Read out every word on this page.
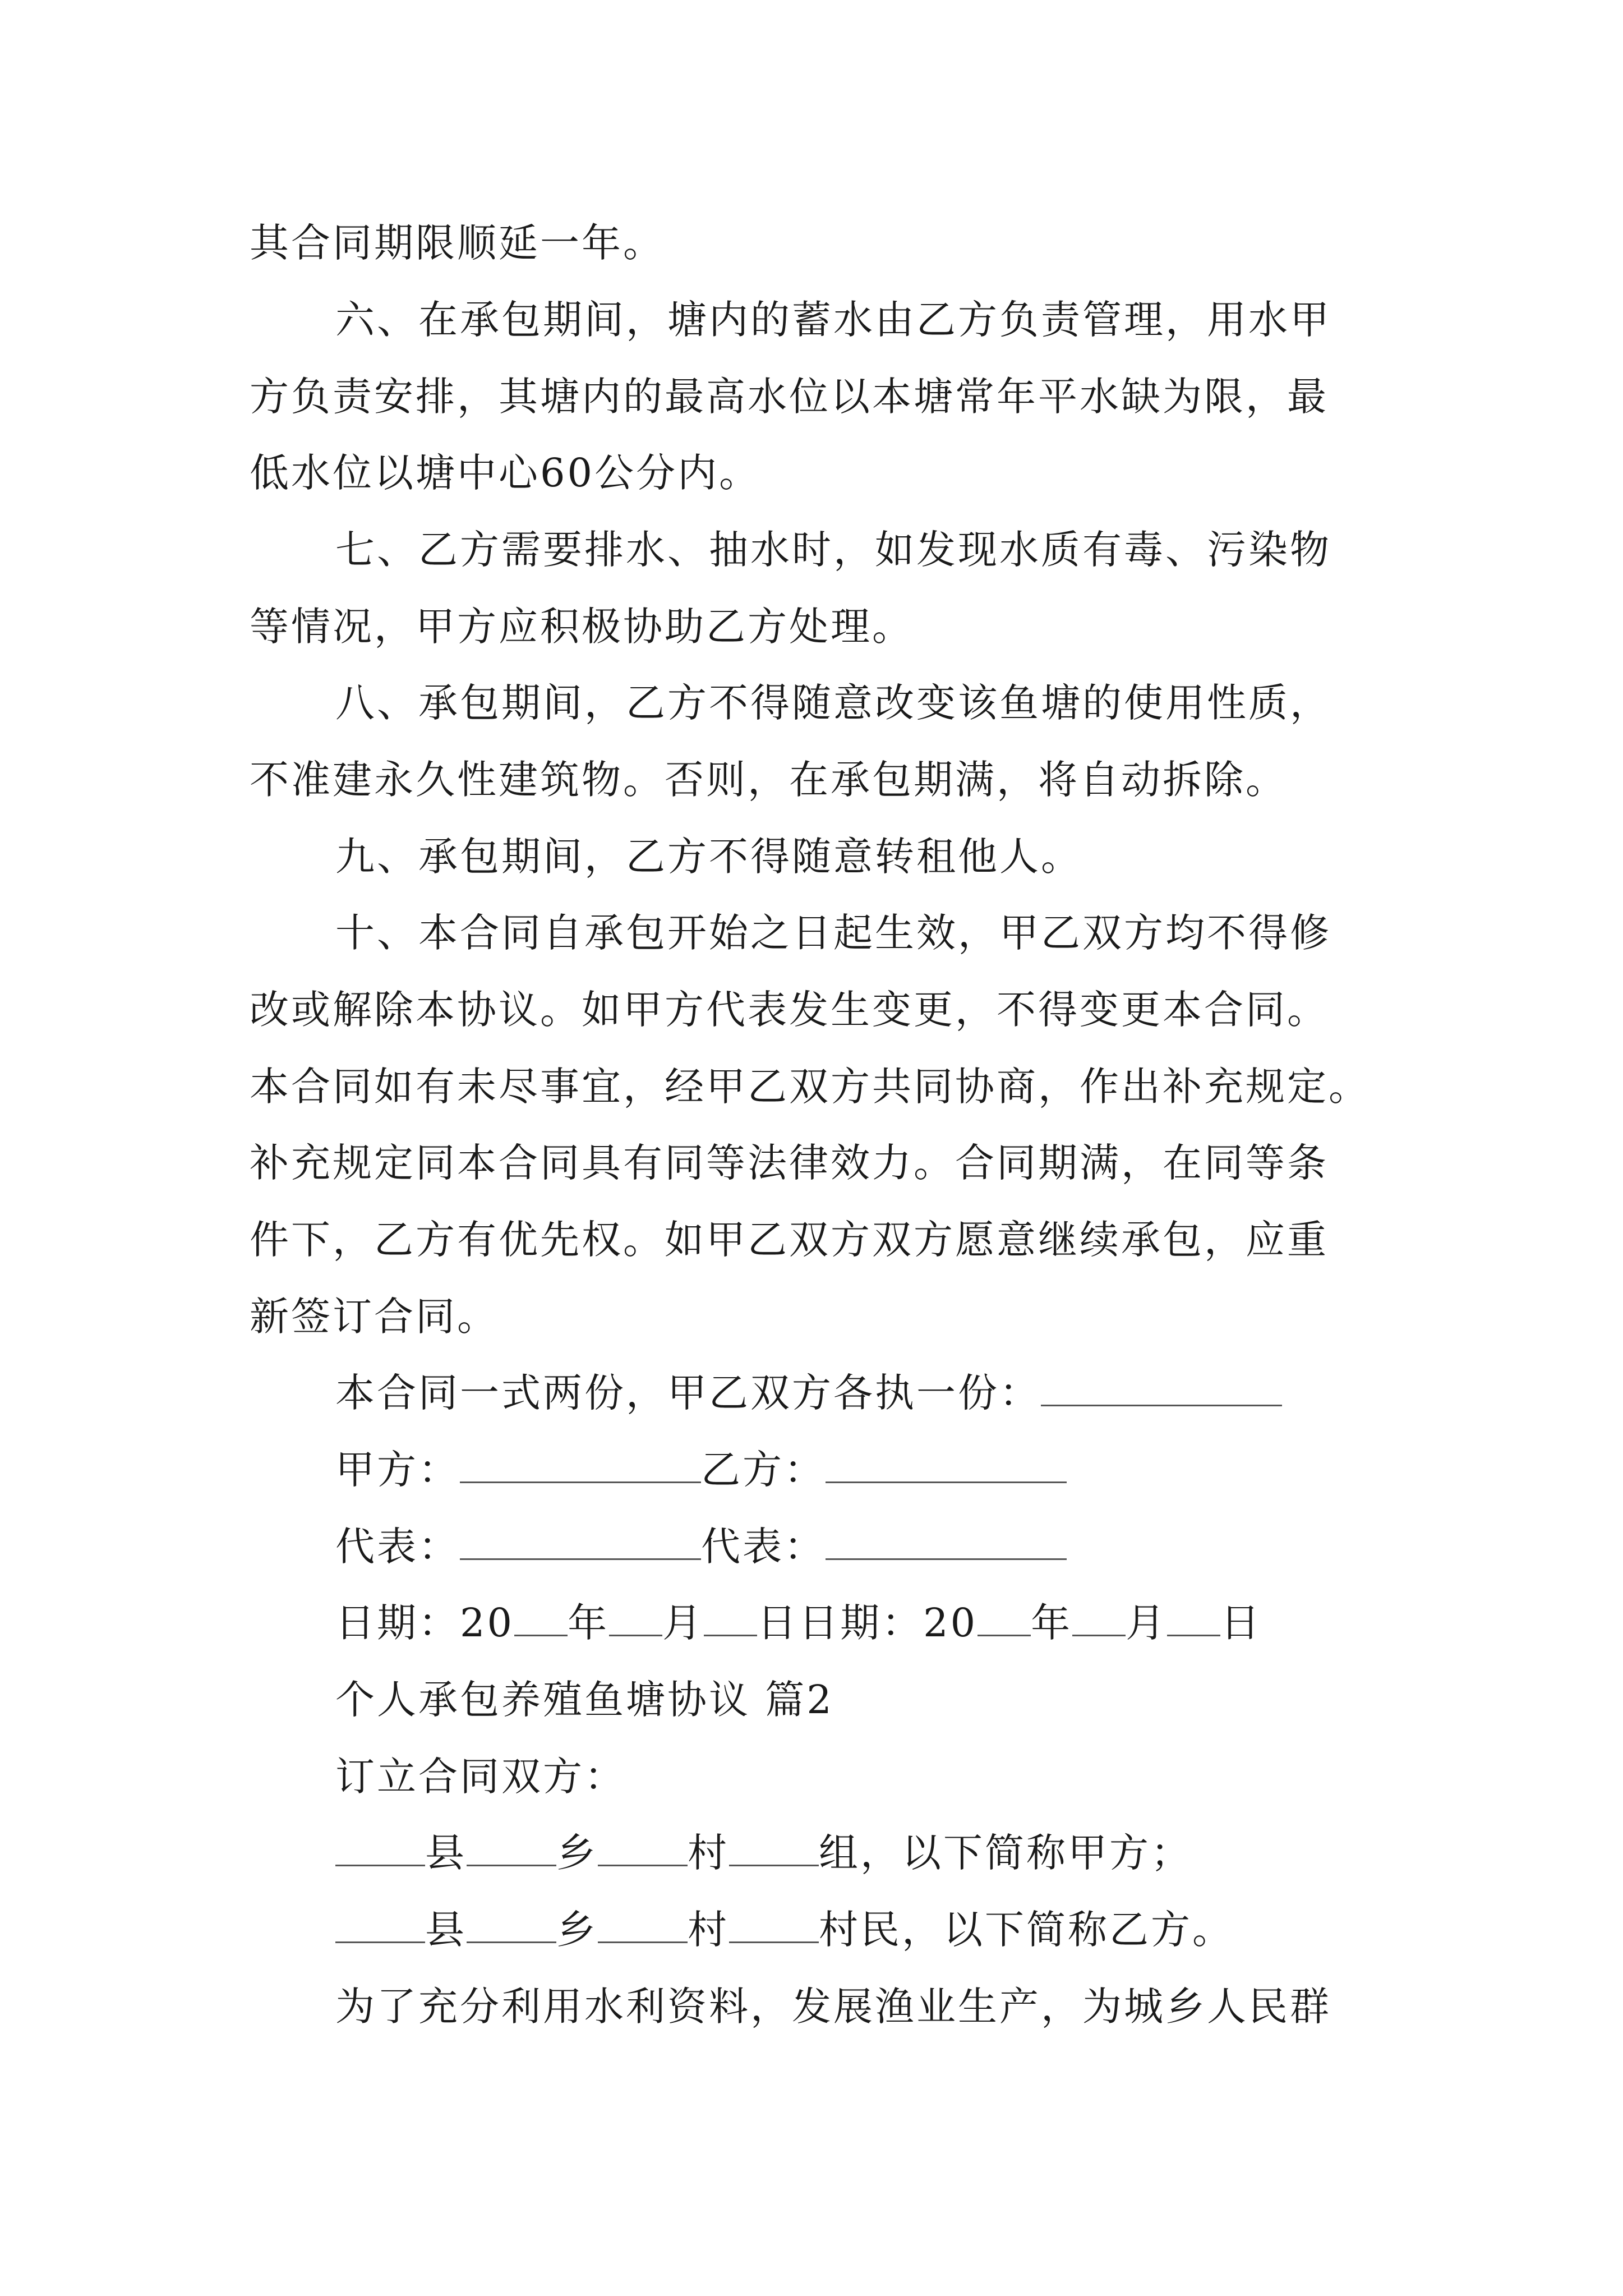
其合同期限顺延一年。
六、在承包期间，塘内的蓄水由乙方负责管理，用水甲
方负责安排，其塘内的最高水位以本塘常年平水缺为限，最
低水位以塘中心60公分内。
七、乙方需要排水、抽水时，如发现水质有毒、污染物
等情况，甲方应积极协助乙方处理。
八、承包期间，乙方不得随意改变该鱼塘的使用性质，
不准建永久性建筑物。否则，在承包期满，将自动拆除。
九、承包期间，乙方不得随意转租他人。
十、本合同自承包开始之日起生效，甲乙双方均不得修
改或解除本协议。如甲方代表发生变更，不得变更本合同。
本合同如有未尽事宜，经甲乙双方共同协商，作出补充规定。
补充规定同本合同具有同等法律效力。合同期满，在同等条
件下，乙方有优先权。如甲乙双方双方愿意继续承包，应重
新签订合同。
本合同一式两份，甲乙双方各执一份：
甲方：	乙方：
代表：	代表：
日期：20 年 月 日日期：20 年 月 日
个人承包养殖鱼塘协议 篇2
订立合同双方：
县 乡 村 组，以下简称甲方；
县 乡 村 村民，以下简称乙方。
为了充分利用水利资料，发展渔业生产，为城乡人民群
